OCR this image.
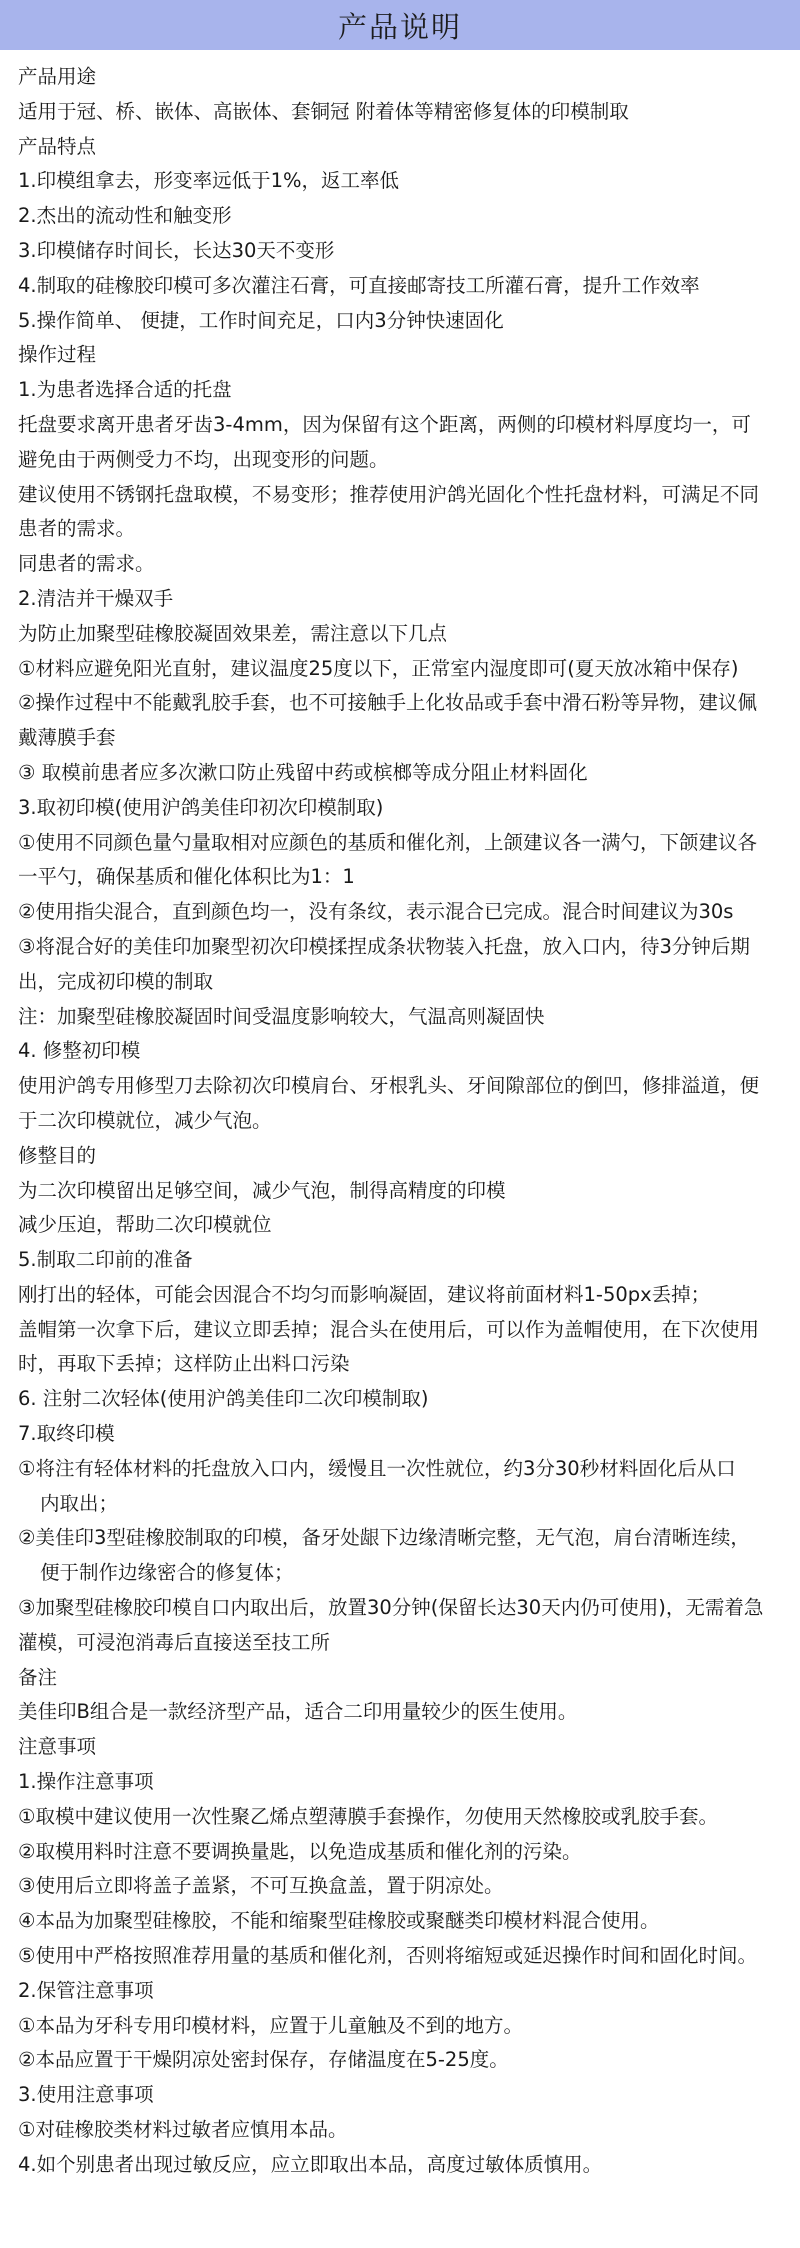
产品说明
产品用途
适用于冠、桥、嵌体、高嵌体、套铜冠 附着体等精密修复体的印模制取
产品特点
1.印模组拿去，形变率远低于1%，返工率低
2.杰出的流动性和触变形
3.印模储存时间长，长达30天不变形
4.制取的硅橡胶印模可多次灌注石膏，可直接邮寄技工所灌石膏，提升工作效率
5.操作简单、 便捷，工作时间充足，口内3分钟快速固化
操作过程
1.为患者选择合适的托盘
托盘要求离开患者牙齿3-4mm，因为保留有这个距离，两侧的印模材料厚度均一，可
避免由于两侧受力不均，出现变形的问题。
建议使用不锈钢托盘取模，不易变形；推荐使用沪鸽光固化个性托盘材料，可满足不同
患者的需求。
同患者的需求。
2.清洁并干燥双手
为防止加聚型硅橡胶凝固效果差，需注意以下几点
①材料应避免阳光直射，建议温度25度以下，正常室内湿度即可(夏天放冰箱中保存)
②操作过程中不能戴乳胶手套，也不可接触手上化妆品或手套中滑石粉等异物，建议佩
戴薄膜手套
③ 取模前患者应多次漱口防止残留中药或槟榔等成分阻止材料固化
3.取初印模(使用沪鸽美佳印初次印模制取)
①使用不同颜色量勺量取相对应颜色的基质和催化剂，上颌建议各一满勺，下颌建议各
一平勺，确保基质和催化体积比为1：1
②使用指尖混合，直到颜色均一，没有条纹，表示混合已完成。混合时间建议为30s
③将混合好的美佳印加聚型初次印模揉捏成条状物装入托盘，放入口内，待3分钟后期
出，完成初印模的制取
注：加聚型硅橡胶凝固时间受温度影响较大，气温高则凝固快
4. 修整初印模
使用沪鸽专用修型刀去除初次印模肩台、牙根乳头、牙间隙部位的倒凹，修排溢道，便
于二次印模就位，减少气泡。
修整目的
为二次印模留出足够空间，减少气泡，制得高精度的印模
减少压迫，帮助二次印模就位
5.制取二印前的准备
刚打出的轻体，可能会因混合不均匀而影响凝固，建议将前面材料1-50px丢掉；
盖帽第一次拿下后，建议立即丢掉；混合头在使用后，可以作为盖帽使用，在下次使用
时，再取下丢掉；这样防止出料口污染
6. 注射二次轻体(使用沪鸽美佳印二次印模制取)
7.取终印模
①将注有轻体材料的托盘放入口内，缓慢且一次性就位，约3分30秒材料固化后从口
内取出；
②美佳印3型硅橡胶制取的印模，备牙处龈下边缘清晰完整，无气泡，肩台清晰连续，
便于制作边缘密合的修复体；
③加聚型硅橡胶印模自口内取出后，放置30分钟(保留长达30天内仍可使用)，无需着急
灌模，可浸泡消毒后直接送至技工所
备注
美佳印B组合是一款经济型产品，适合二印用量较少的医生使用。
注意事项
1.操作注意事项
①取模中建议使用一次性聚乙烯点塑薄膜手套操作，勿使用天然橡胶或乳胶手套。
②取模用料时注意不要调换量匙，以免造成基质和催化剂的污染。
③使用后立即将盖子盖紧，不可互换盒盖，置于阴凉处。
④本品为加聚型硅橡胶，不能和缩聚型硅橡胶或聚醚类印模材料混合使用。
⑤使用中严格按照准荐用量的基质和催化剂，否则将缩短或延迟操作时间和固化时间。
2.保管注意事项
①本品为牙科专用印模材料，应置于儿童触及不到的地方。
②本品应置于干燥阴凉处密封保存，存储温度在5-25度。
3.使用注意事项
①对硅橡胶类材料过敏者应慎用本品。
4.如个别患者出现过敏反应，应立即取出本品，高度过敏体质慎用。
